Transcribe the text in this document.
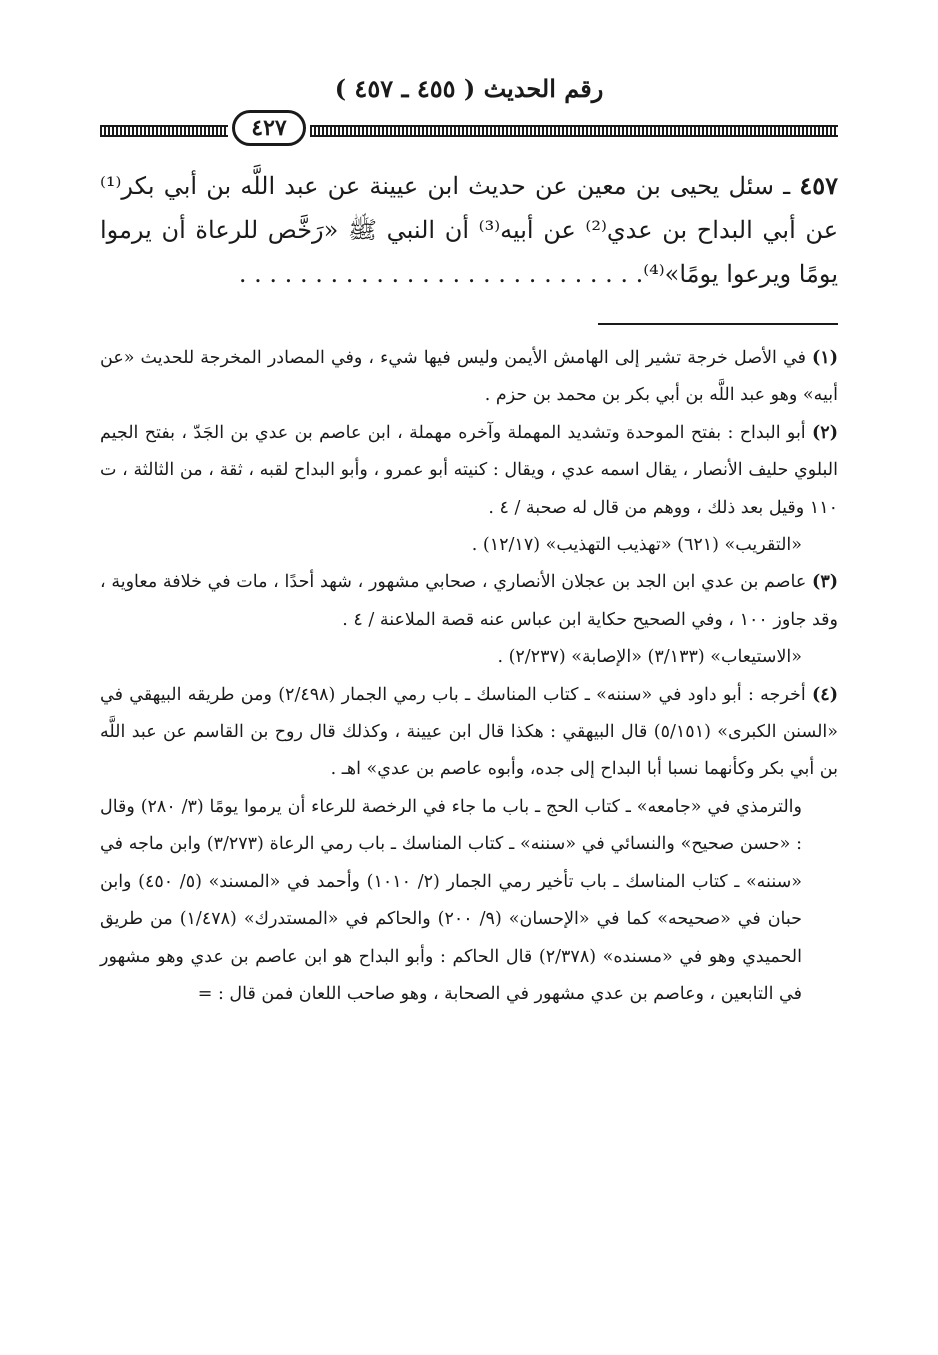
رقم الحديث ( ٤٥٥ ـ ٤٥٧ )
٤٢٧
٤٥٧ ـ سئل يحيى بن معين عن حديث ابن عيينة عن عبد اللَّه بن أبي بكر⁽¹⁾ عن أبي البداح بن عدي⁽²⁾ عن أبيه⁽³⁾ أن النبي ﷺ «رَخَّص للرعاة أن يرموا يومًا ويرعوا يومًا»⁽⁴⁾. . . . . . . . . . . . . . . . . . . . . . . . . . .

(١) في الأصل خرجة تشير إلى الهامش الأيمن وليس فيها شيء ، وفي المصادر المخرجة للحديث «عن أبيه» وهو عبد اللَّه بن أبي بكر بن محمد بن حزم .

(٢) أبو البداح : بفتح الموحدة وتشديد المهملة وآخره مهملة ، ابن عاصم بن عدي بن الجَدّ ، بفتح الجيم البلوي حليف الأنصار ، يقال اسمه عدي ، ويقال : كنيته أبو عمرو ، وأبو البداح لقبه ، ثقة ، من الثالثة ، ت ١١٠ وقيل بعد ذلك ، ووهم من قال له صحبة / ٤ .

«التقريب» (٦٢١) «تهذيب التهذيب» (١٢/١٧) .

(٣) عاصم بن عدي ابن الجد بن عجلان الأنصاري ، صحابي مشهور ، شهد أحدًا ، مات في خلافة معاوية ، وقد جاوز ١٠٠ ، وفي الصحيح حكاية ابن عباس عنه قصة الملاعنة / ٤ .

«الاستيعاب» (٣/١٣٣) «الإصابة» (٢/٢٣٧) .

(٤) أخرجه : أبو داود في «سننه» ـ كتاب المناسك ـ باب رمي الجمار (٢/٤٩٨) ومن طريقه البيهقي في «السنن الكبرى» (٥/١٥١) قال البيهقي : هكذا قال ابن عيينة ، وكذلك قال روح بن القاسم عن عبد اللَّه بن أبي بكر وكأنهما نسبا أبا البداح إلى جده، وأبوه عاصم بن عدي» اهـ .

والترمذي في «جامعه» ـ كتاب الحج ـ باب ما جاء في الرخصة للرعاء أن يرموا يومًا (٣/ ٢٨٠) وقال : «حسن صحيح» والنسائي في «سننه» ـ كتاب المناسك ـ باب رمي الرعاة (٣/٢٧٣) وابن ماجه في «سننه» ـ كتاب المناسك ـ باب تأخير رمي الجمار (٢/ ١٠١٠) وأحمد في «المسند» (٥/ ٤٥٠) وابن حبان في «صحيحه» كما في «الإحسان» (٩/ ٢٠٠) والحاكم في «المستدرك» (١/٤٧٨) من طريق الحميدي وهو في «مسنده» (٢/٣٧٨) قال الحاكم : وأبو البداح هو ابن عاصم بن عدي وهو مشهور في التابعين ، وعاصم بن عدي مشهور في الصحابة ، وهو صاحب اللعان فمن قال : =
